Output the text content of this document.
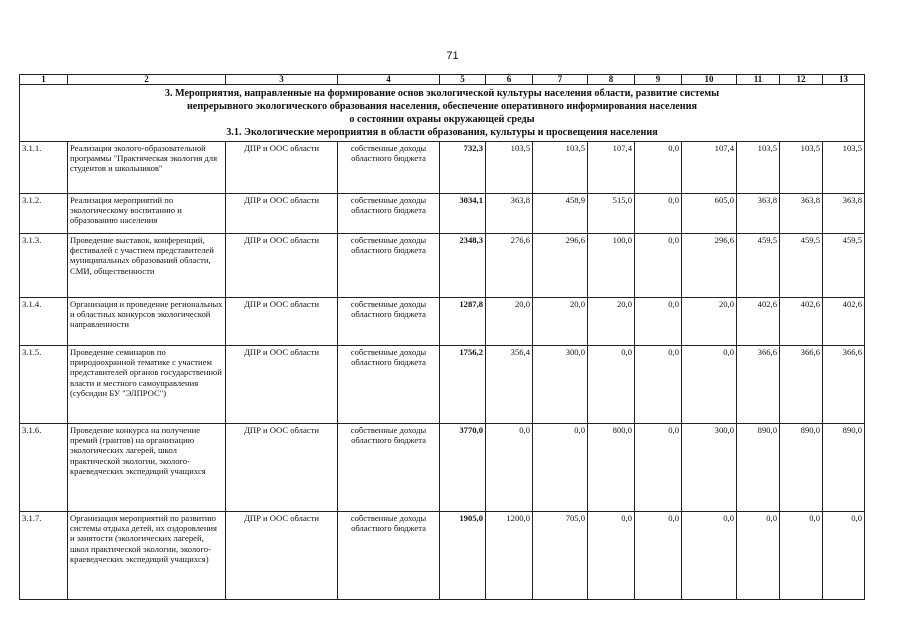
71
1	2	3	4	5	6	7	8	9	10	11	12	13

3. Мероприятия, направленные на формирование основ экологической культуры населения области, развитие системы
непрерывного экологического образования населения, обеспечение оперативного информирования населения
о состоянии охраны окружающей среды
3.1. Экологические мероприятия в области образования, культуры и просвещения населения												

3.1.1.	Реализация эколого-образовательной программы "Практическая экология для студентов и школьников"	ДПР и ООС области	собственные доходы областного бюджета	732,3	103,5	103,5	107,4	0,0	107,4	103,5	103,5	103,5
3.1.2.	Реализация мероприятий по экологическому воспитанию и образованию населения	ДПР и ООС области	собственные доходы областного бюджета	3034,1	363,8	458,9	515,0	0,0	605,0	363,8	363,8	363,8
3.1.3.	Проведение выставок, конференций, фестивалей с участием представителей муниципальных образований области, СМИ, общественности	ДПР и ООС области	собственные доходы областного бюджета	2348,3	276,6	296,6	100,0	0,0	296,6	459,5	459,5	459,5
3.1.4.	Организация и проведение региональных и областных конкурсов экологической направленности	ДПР и ООС области	собственные доходы областного бюджета	1287,8	20,0	20,0	20,0	0,0	20,0	402,6	402,6	402,6
3.1.5.	Проведение семинаров по природоохранной тематике с участием представителей органов государственной власти и местного самоуправления (субсидии БУ "ЭЛПРОС")	ДПР и ООС области	собственные доходы областного бюджета	1756,2	356,4	300,0	0,0	0,0	0,0	366,6	366,6	366,6
3.1.6.	Проведение конкурса на получение премий (грантов) на организацию экологических лагерей, школ практической экологии, эколого-краеведческих экспедиций учащихся	ДПР и ООС области	собственные доходы областного бюджета	3770,0	0,0	0,0	800,0	0,0	300,0	890,0	890,0	890,0
3.1.7.	Организация мероприятий по развитию системы отдыха детей, их оздоровления и занятости (экологических лагерей, школ практической экологии, эколого-краеведческих экспедиций учащихся)	ДПР и ООС области	собственные доходы областного бюджета	1905,0	1200,0	705,0	0,0	0,0	0,0	0,0	0,0	0,0
